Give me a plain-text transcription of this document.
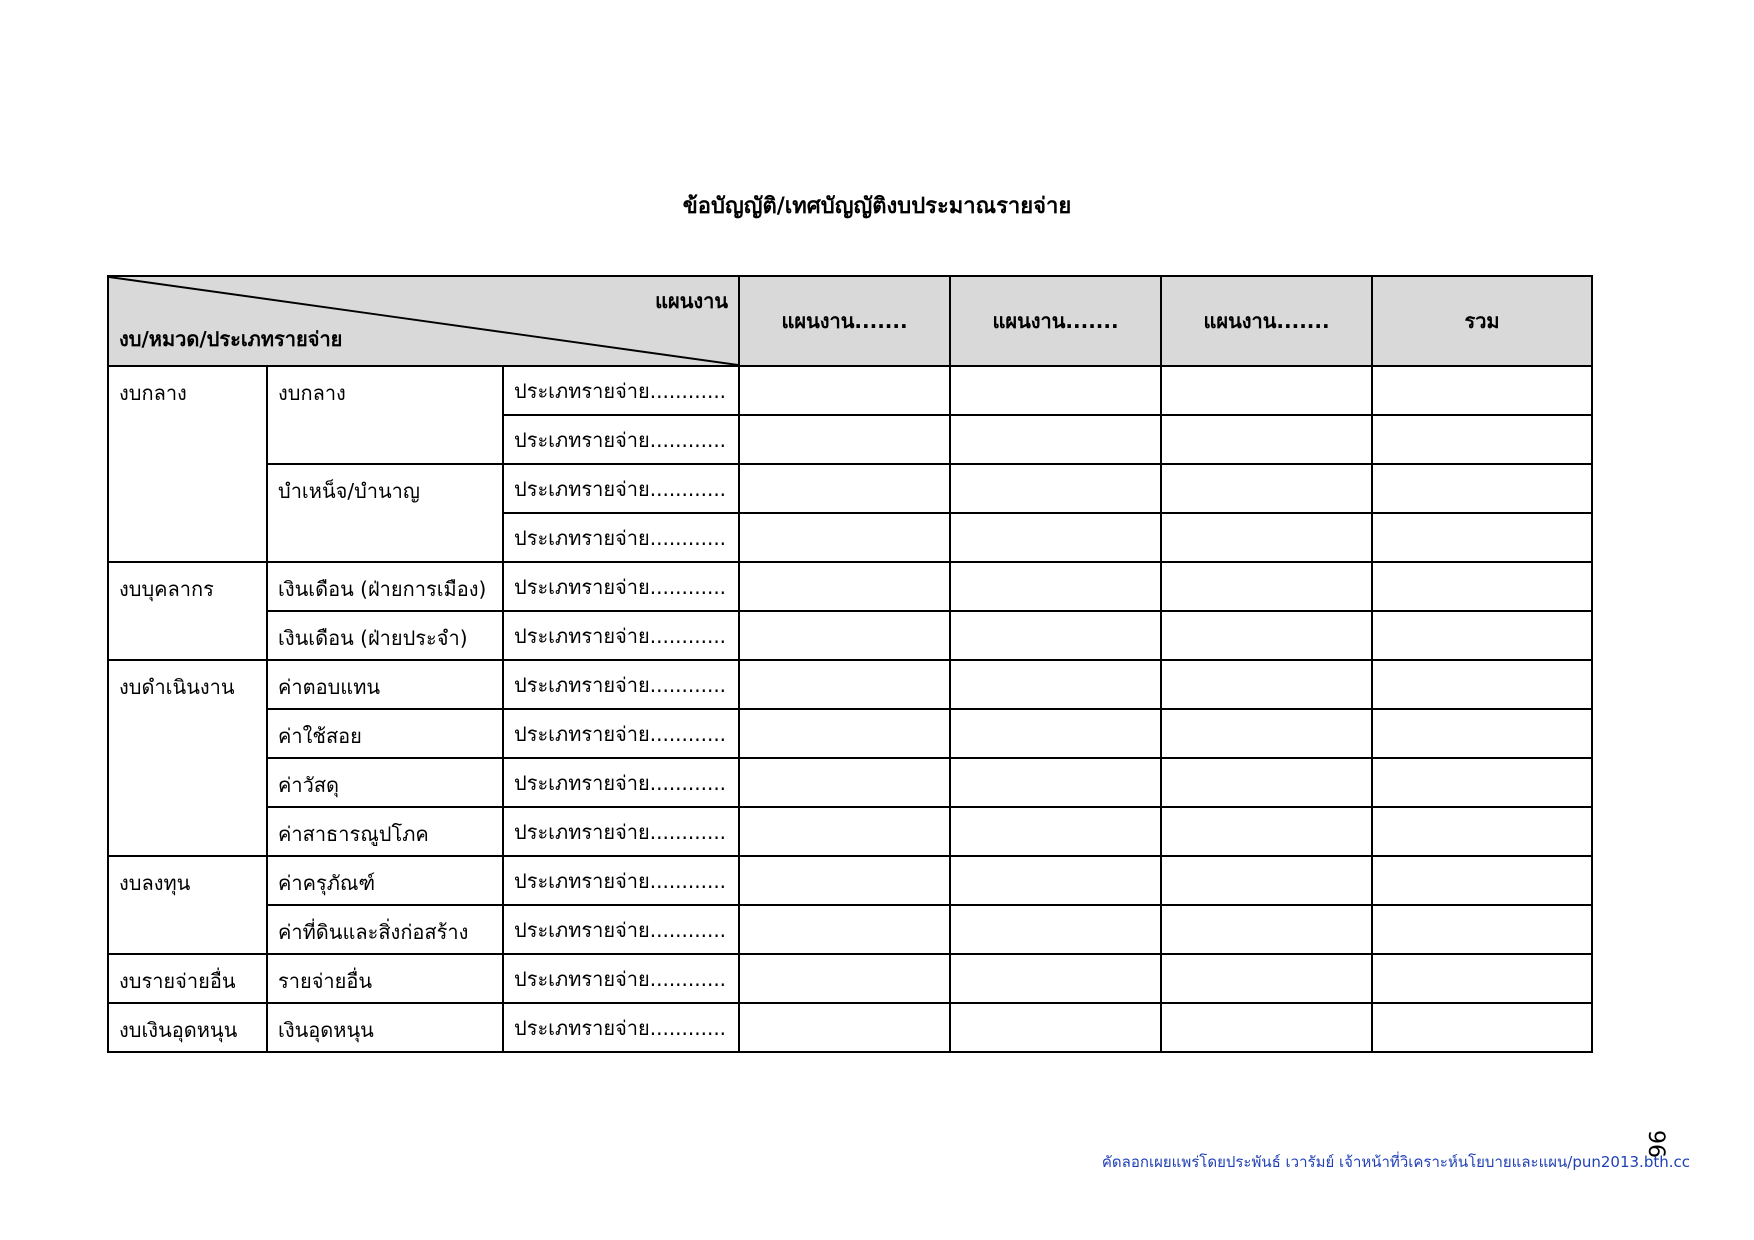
ข้อบัญญัติ/เทศบัญญัติงบประมาณรายจ่าย
แผนงาน
งบ/หมวด/ประเภทรายจ่าย			แผนงาน.......	แผนงาน.......	แผนงาน.......	รวม
งบกลาง	งบกลาง	ประเภทรายจ่าย............				
		ประเภทรายจ่าย............				
	บำเหน็จ/บำนาญ	ประเภทรายจ่าย............				
		ประเภทรายจ่าย............				
งบบุคลากร	เงินเดือน (ฝ่ายการเมือง)	ประเภทรายจ่าย............				
	เงินเดือน (ฝ่ายประจำ)	ประเภทรายจ่าย............				
งบดำเนินงาน	ค่าตอบแทน	ประเภทรายจ่าย............				
	ค่าใช้สอย	ประเภทรายจ่าย............				
	ค่าวัสดุ	ประเภทรายจ่าย............				
	ค่าสาธารณูปโภค	ประเภทรายจ่าย............				
งบลงทุน	ค่าครุภัณฑ์	ประเภทรายจ่าย............				
	ค่าที่ดินและสิ่งก่อสร้าง	ประเภทรายจ่าย............				
งบรายจ่ายอื่น	รายจ่ายอื่น	ประเภทรายจ่าย............				
งบเงินอุดหนุน	เงินอุดหนุน	ประเภทรายจ่าย............				
96
คัดลอกเผยแพร่โดยประพันธ์ เวารัมย์ เจ้าหน้าที่วิเคราะห์นโยบายและแผน/pun2013.bth.cc
